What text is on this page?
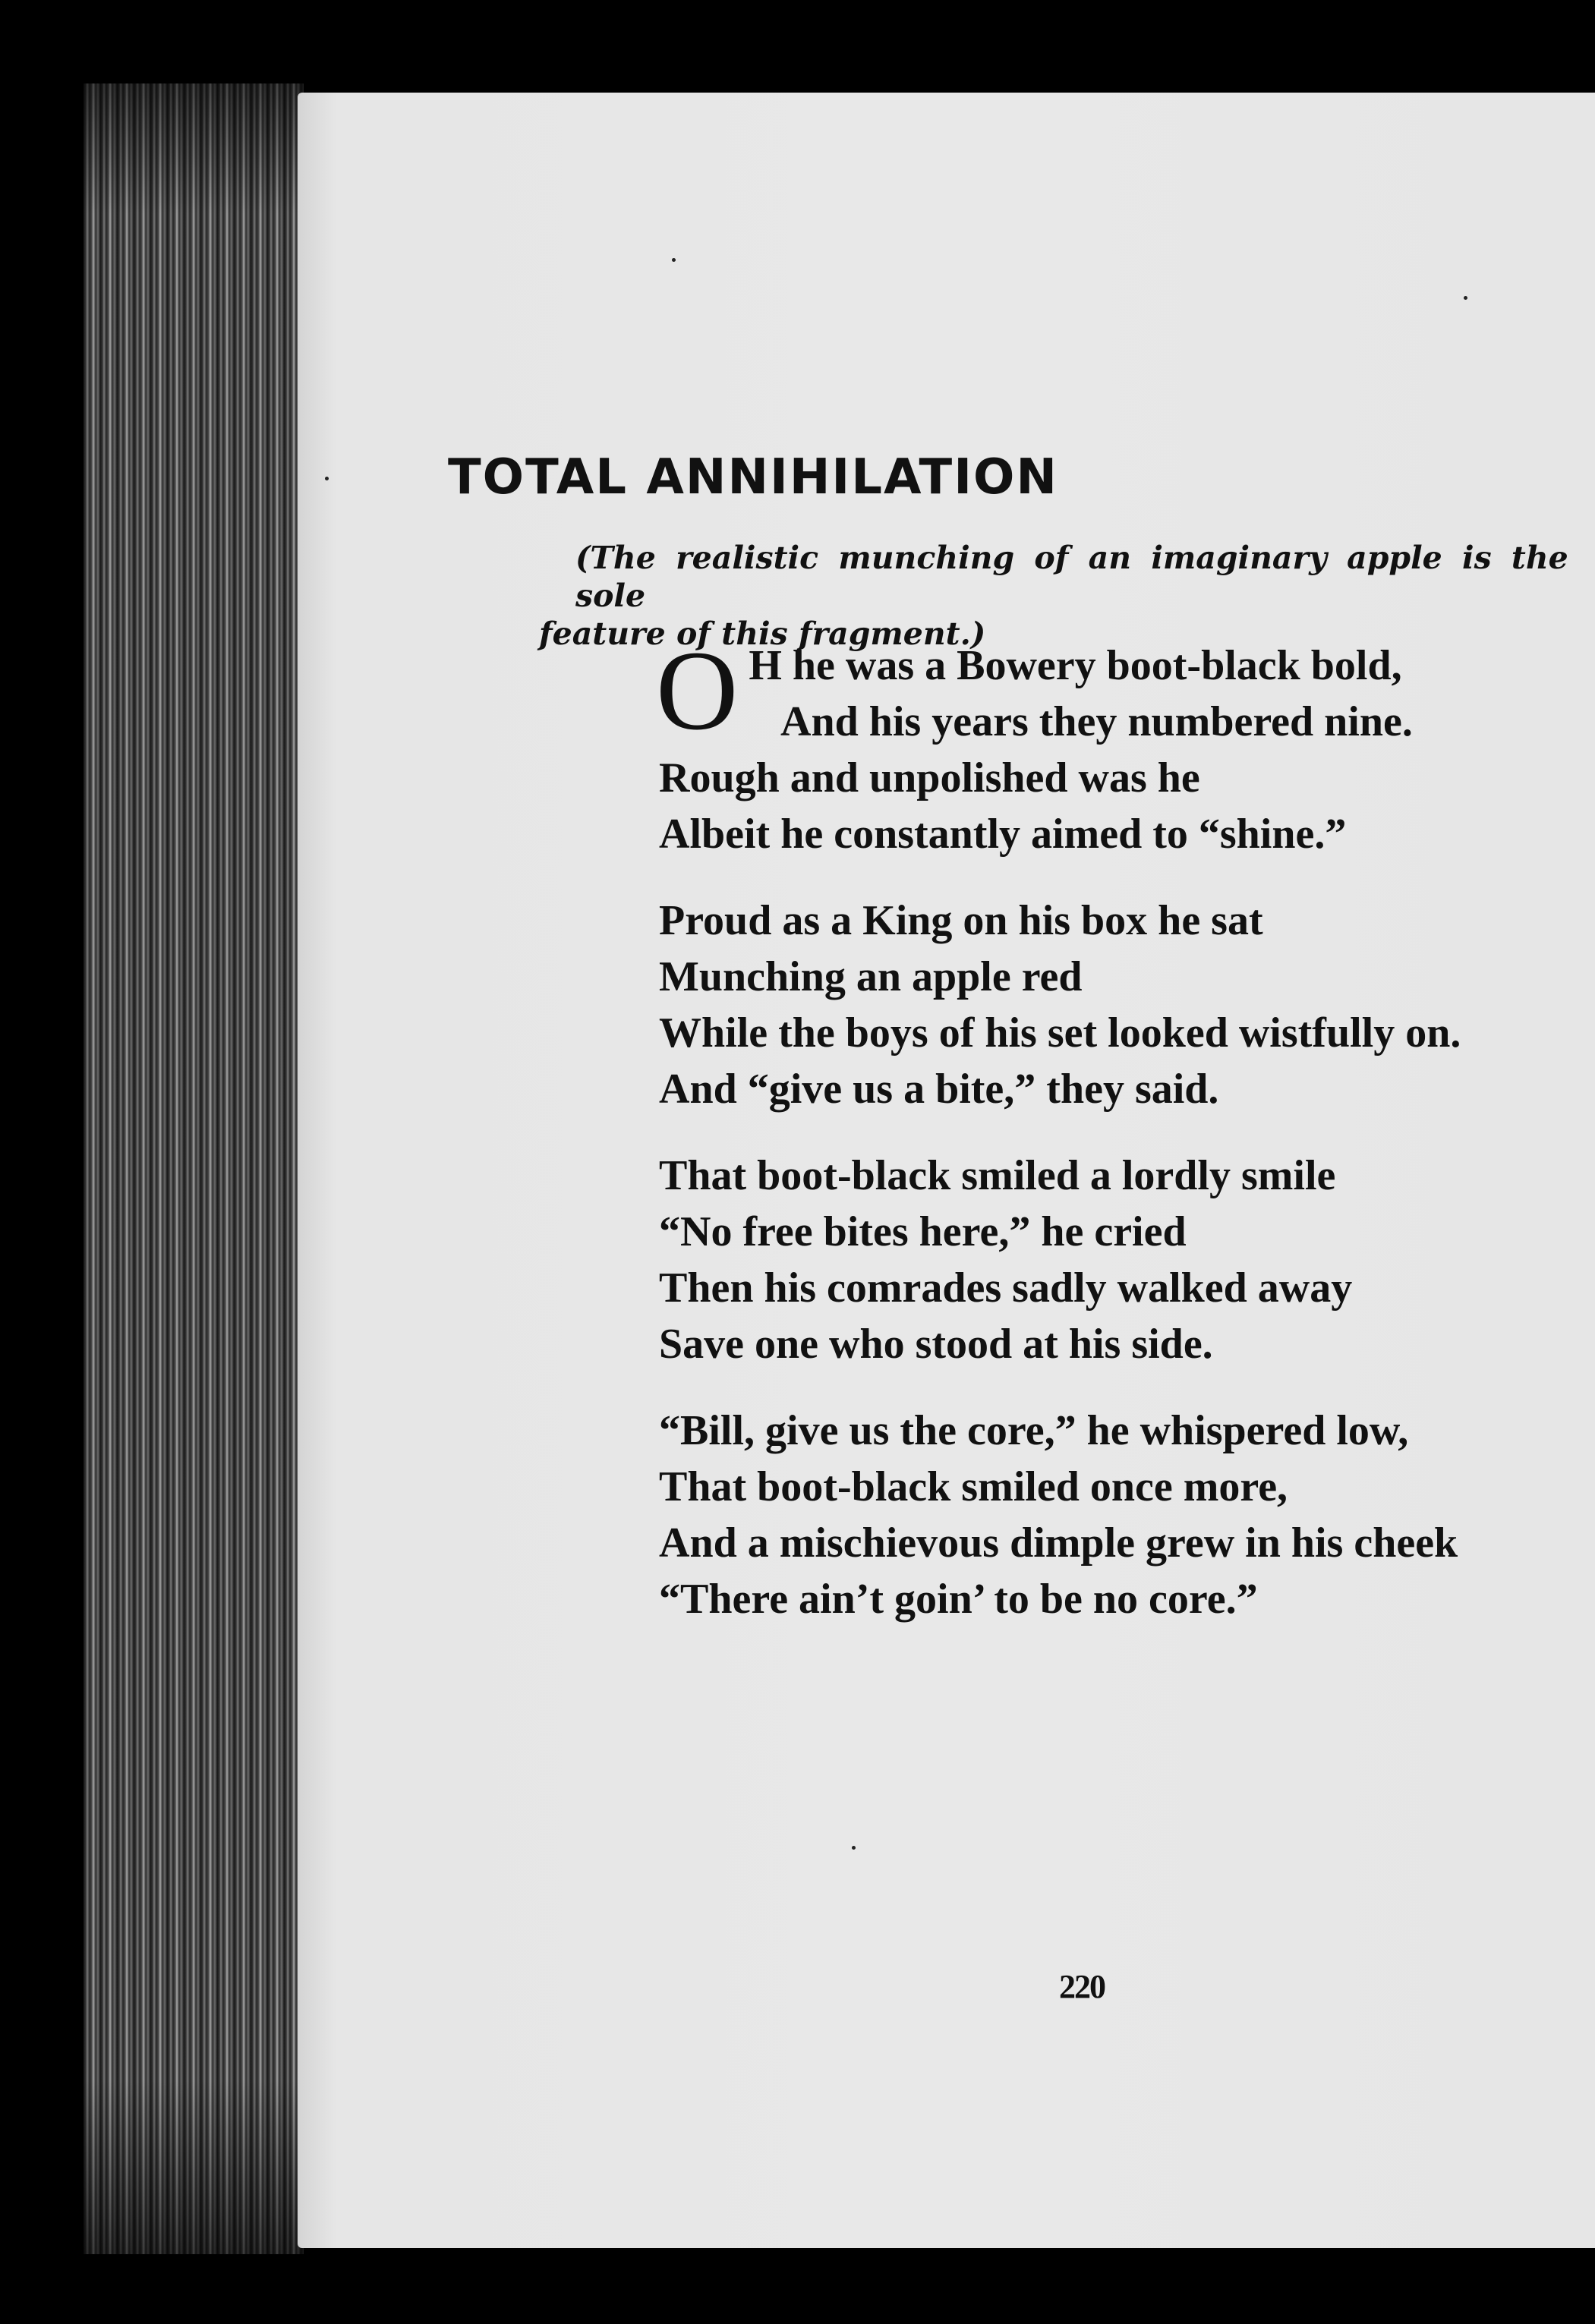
TOTAL ANNIHILATION

(The realistic munching of an imaginary apple is the sole
feature of this fragment.)

O H he was a Bowery boot-black bold,
And his years they numbered nine.
Rough and unpolished was he
Albeit he constantly aimed to “shine.”
Proud as a King on his box he sat
Munching an apple red
While the boys of his set looked wistfully on.
And “give us a bite,” they said.
That boot-black smiled a lordly smile
“No free bites here,” he cried
Then his comrades sadly walked away
Save one who stood at his side.
“Bill, give us the core,” he whispered low,
That boot-black smiled once more,
And a mischievous dimple grew in his cheek
“There ain’t goin’ to be no core.”
220
